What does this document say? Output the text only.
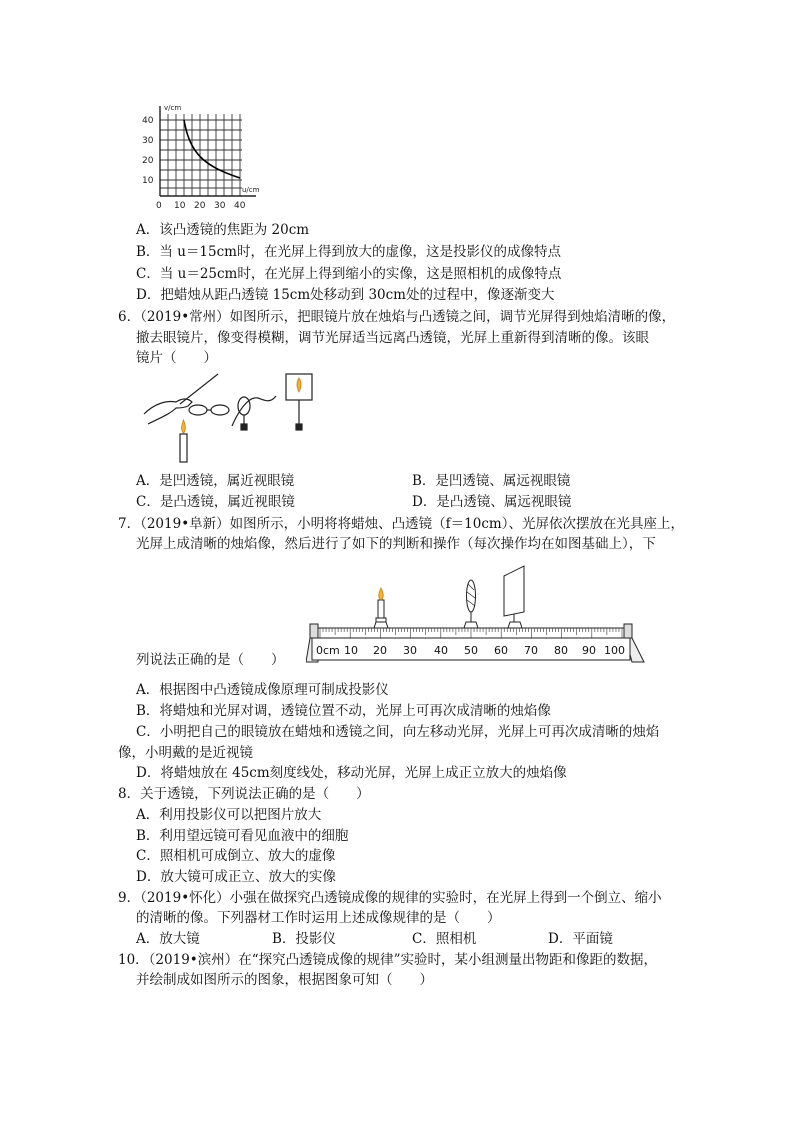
v/cm
u/cm
40
30
20
10
0 10 20 30 40
A．该凸透镜的焦距为 20cm
B．当 u＝15cm时，在光屏上得到放大的虚像，这是投影仪的成像特点
C．当 u＝25cm时，在光屏上得到缩小的实像，这是照相机的成像特点
D．把蜡烛从距凸透镜 15cm处移动到 30cm处的过程中，像逐渐变大
6．（2019•常州）如图所示，把眼镜片放在烛焰与凸透镜之间，调节光屏得到烛焰清晰的像，
撤去眼镜片，像变得模糊，调节光屏适当远离凸透镜，光屏上重新得到清晰的像。该眼
镜片（　　）
A．是凹透镜，属近视眼镜	B．是凹透镜、属远视眼镜
C．是凸透镜，属近视眼镜	D．是凸透镜、属远视眼镜
7．（2019•阜新）如图所示，小明将将蜡烛、凸透镜（f＝10cm）、光屏依次摆放在光具座上，
光屏上成清晰的烛焰像，然后进行了如下的判断和操作（每次操作均在如图基础上），下
0cm 10 20 30 40 50 60 70 80 90 100
列说法正确的是（　　）
A．根据图中凸透镜成像原理可制成投影仪
B．将蜡烛和光屏对调，透镜位置不动，光屏上可再次成清晰的烛焰像
C．小明把自己的眼镜放在蜡烛和透镜之间，向左移动光屏，光屏上可再次成清晰的烛焰
像，小明戴的是近视镜
D．将蜡烛放在 45cm刻度线处，移动光屏，光屏上成正立放大的烛焰像
8．关于透镜，下列说法正确的是（　　）
A．利用投影仪可以把图片放大
B．利用望远镜可看见血液中的细胞
C．照相机可成倒立、放大的虚像
D．放大镜可成正立、放大的实像
9．（2019•怀化）小强在做探究凸透镜成像的规律的实验时，在光屏上得到一个倒立、缩小
的清晰的像。下列器材工作时运用上述成像规律的是（　　）
A．放大镜	B．投影仪	C．照相机	D．平面镜
10．（2019•滨州）在“探究凸透镜成像的规律”实验时，某小组测量出物距和像距的数据，
并绘制成如图所示的图象，根据图象可知（　　）
